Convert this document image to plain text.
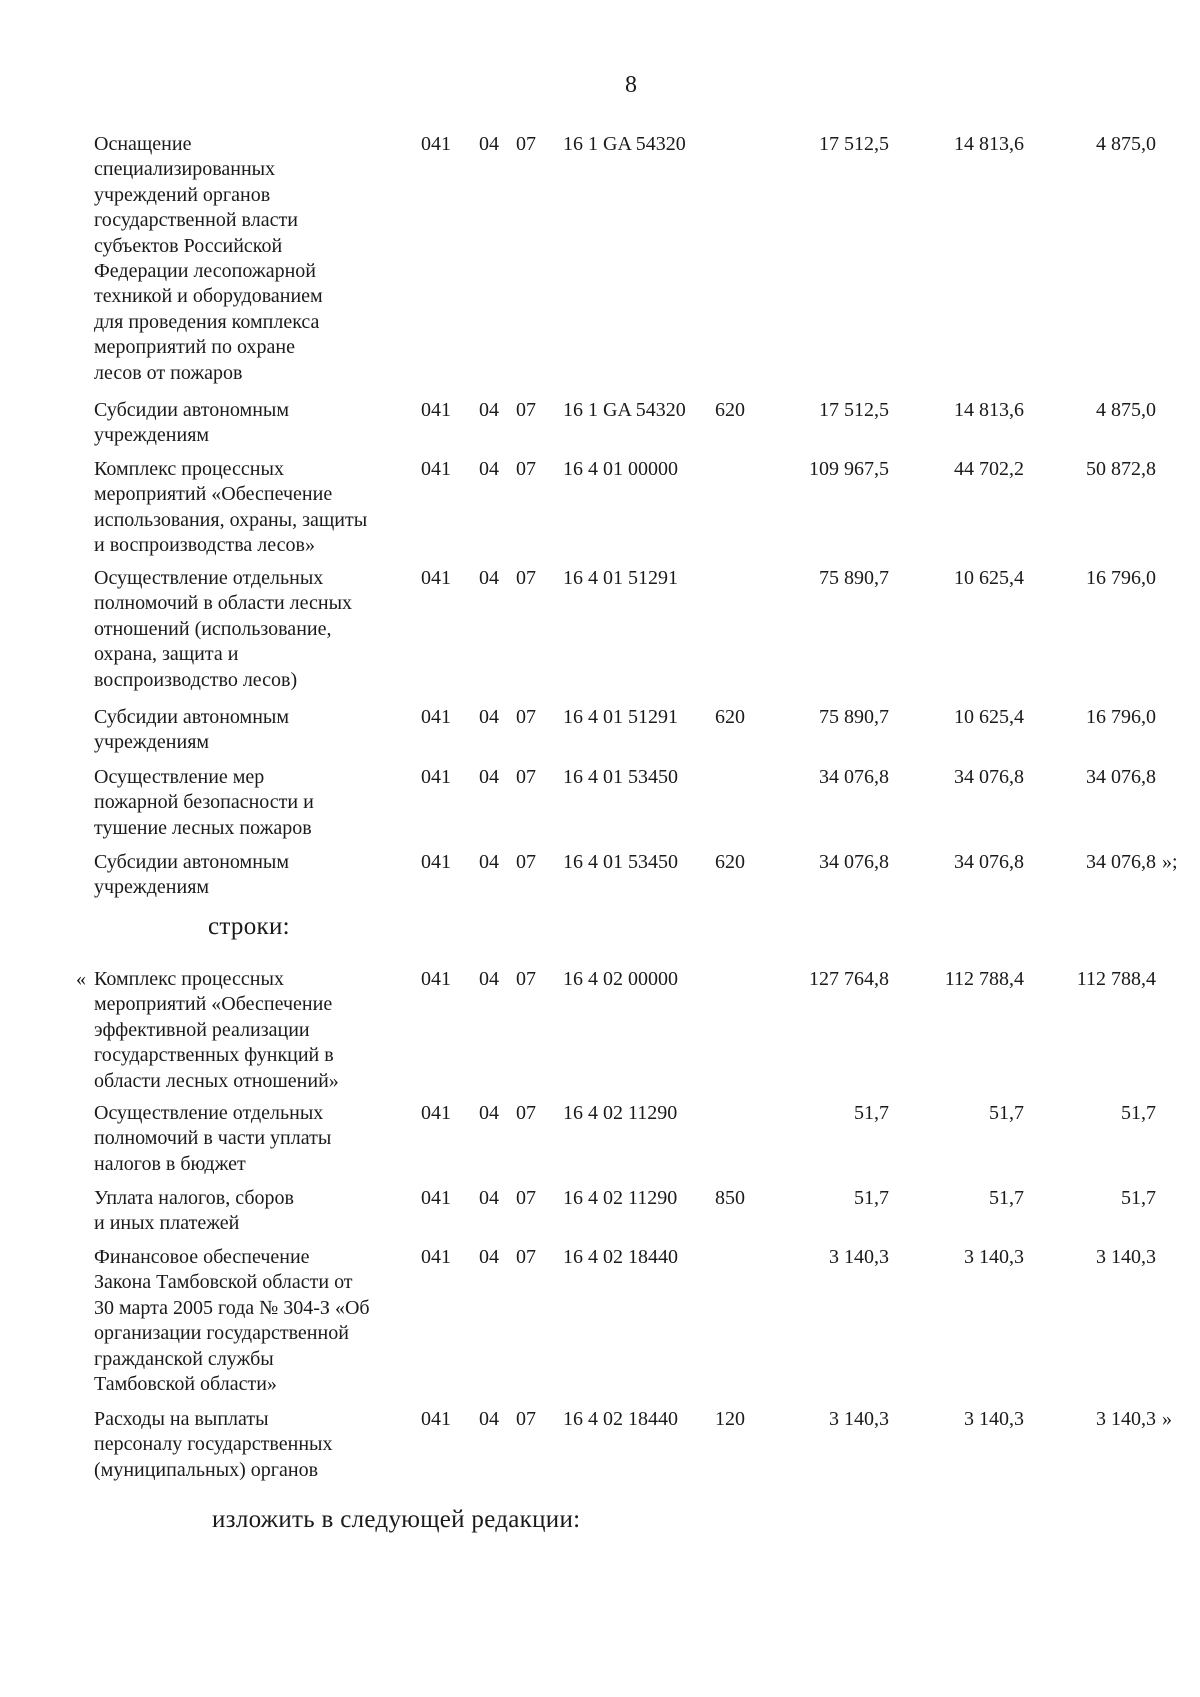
8
Оснащение
специализированных
учреждений органов
государственной власти
субъектов Российской
Федерации лесопожарной
техникой и оборудованием
для проведения комплекса
мероприятий по охране
лесов от пожаров
041 04 07 16 1 GA 54320	17 512,5	14 813,6	4 875,0
Субсидии автономным
учреждениям
041 04 07 16 1 GA 54320 620	17 512,5	14 813,6	4 875,0
Комплекс процессных
мероприятий «Обеспечение
использования, охраны, защиты
и воспроизводства лесов»
041 04 07 16 4 01 00000	109 967,5	44 702,2	50 872,8
Осуществление отдельных
полномочий в области лесных
отношений (использование,
охрана, защита и
воспроизводство лесов)
041 04 07 16 4 01 51291	75 890,7	10 625,4	16 796,0
Субсидии автономным
учреждениям
041 04 07 16 4 01 51291 620	75 890,7	10 625,4	16 796,0
Осуществление мер
пожарной безопасности и
тушение лесных пожаров
041 04 07 16 4 01 53450	34 076,8	34 076,8	34 076,8
Субсидии автономным
учреждениям
041 04 07 16 4 01 53450 620	34 076,8	34 076,8	34 076,8 »;
строки:
« Комплекс процессных
мероприятий «Обеспечение
эффективной реализации
государственных функций в
области лесных отношений»
041 04 07 16 4 02 00000	127 764,8	112 788,4	112 788,4
Осуществление отдельных
полномочий в части уплаты
налогов в бюджет
041 04 07 16 4 02 11290	51,7	51,7	51,7
Уплата налогов, сборов
и иных платежей
041 04 07 16 4 02 11290 850	51,7	51,7	51,7
Финансовое обеспечение
Закона Тамбовской области от
30 марта 2005 года № 304-З «Об
организации государственной
гражданской службы
Тамбовской области»
041 04 07 16 4 02 18440	3 140,3	3 140,3	3 140,3
Расходы на выплаты
персоналу государственных
(муниципальных) органов
041 04 07 16 4 02 18440 120	3 140,3	3 140,3	3 140,3 »
изложить в следующей редакции:
